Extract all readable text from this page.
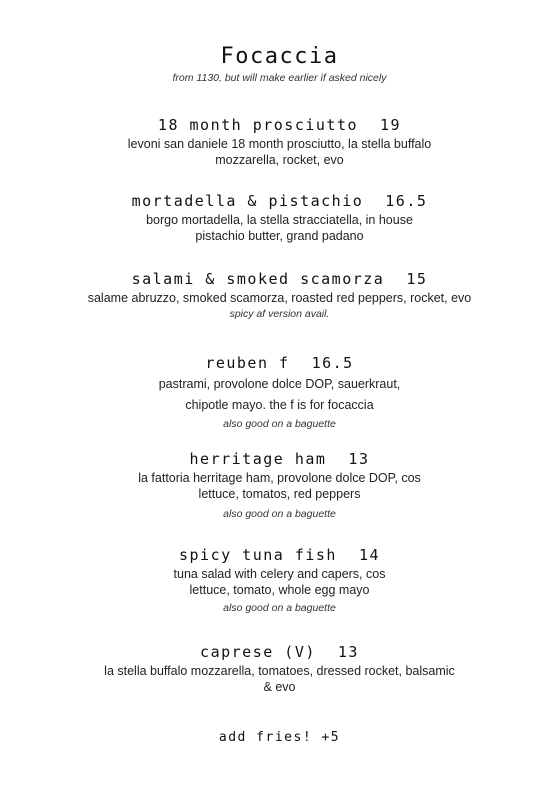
Focaccia
from 1130, but will make earlier if asked nicely
18 month prosciutto 19
levoni san daniele 18 month prosciutto, la stella buffalo
mozzarella, rocket, evo
mortadella & pistachio 16.5
borgo mortadella, la stella stracciatella, in house
pistachio butter, grand padano
salami & smoked scamorza 15
salame abruzzo, smoked scamorza, roasted red peppers, rocket, evo
spicy af version avail.
reuben f 16.5
pastrami, provolone dolce DOP, sauerkraut,
chipotle mayo. the f is for focaccia
also good on a baguette
herritage ham 13
la fattoria herritage ham, provolone dolce DOP, cos
lettuce, tomatos, red peppers
also good on a baguette
spicy tuna fish 14
tuna salad with celery and capers, cos
lettuce, tomato, whole egg mayo
also good on a baguette
caprese (V) 13
la stella buffalo mozzarella, tomatoes, dressed rocket, balsamic
& evo
add fries! +5
